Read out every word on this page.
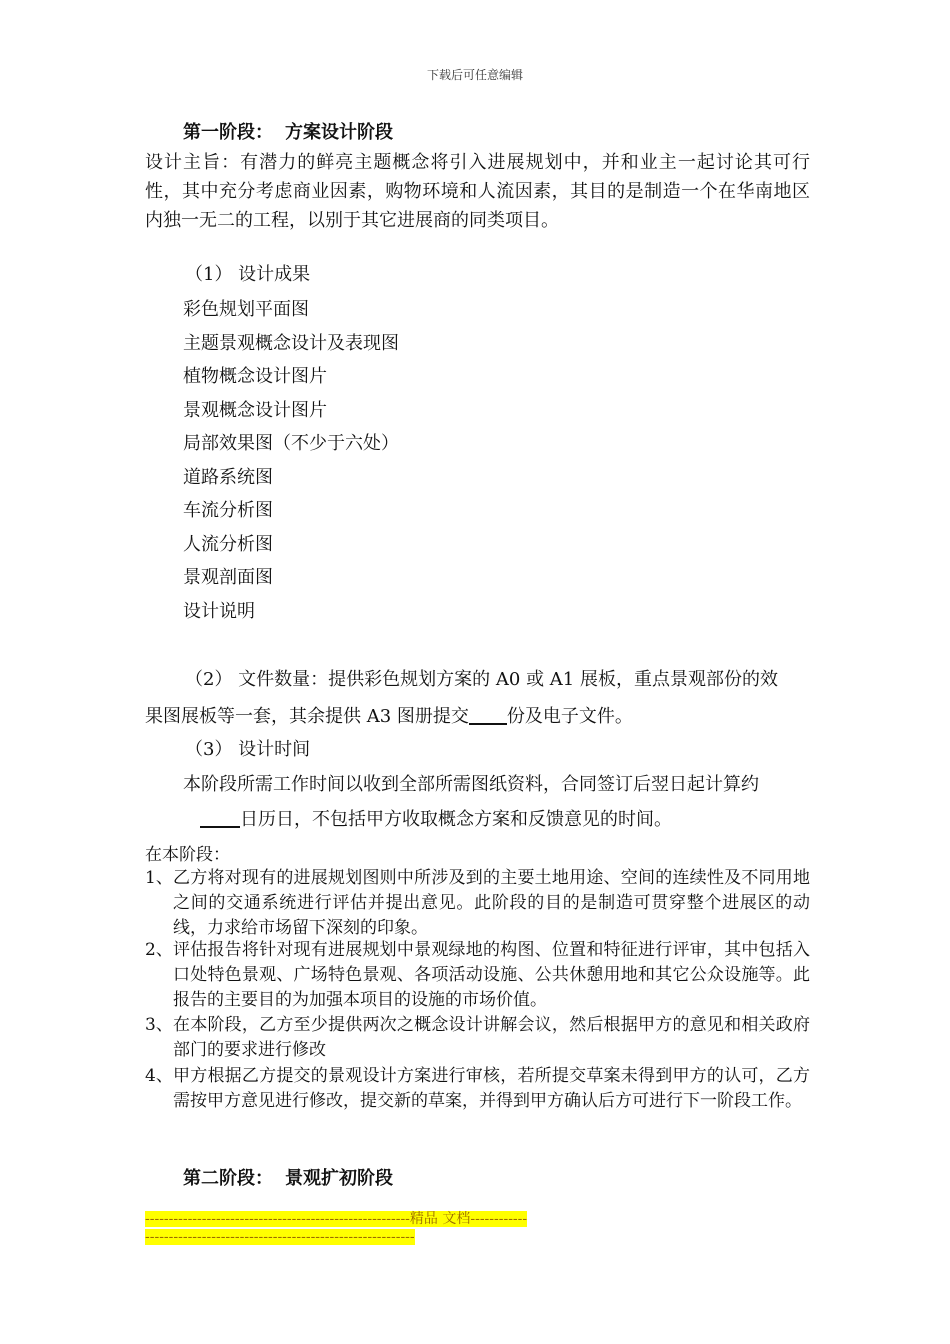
下载后可任意编辑
第一阶段： 方案设计阶段
设计主旨：有潜力的鲜亮主题概念将引入进展规划中，并和业主一起讨论其可行性，其中充分考虑商业因素，购物环境和人流因素，其目的是制造一个在华南地区内独一无二的工程，以别于其它进展商的同类项目。
（1） 设计成果
彩色规划平面图
主题景观概念设计及表现图
植物概念设计图片
景观概念设计图片
局部效果图（不少于六处）
道路系统图
车流分析图
人流分析图
景观剖面图
设计说明
（2） 文件数量：提供彩色规划方案的 A0 或 A1 展板，重点景观部份的效
果图展板等一套，其余提供 A3 图册提交 份及电子文件。
（3） 设计时间
本阶段所需工作时间以收到全部所需图纸资料，合同签订后翌日起计算约
日历日，不包括甲方收取概念方案和反馈意见的时间。
在本阶段：
1、 乙方将对现有的进展规划图则中所涉及到的主要土地用途、空间的连续性及不同用地之间的交通系统进行评估并提出意见。此阶段的目的是制造可贯穿整个进展区的动线，力求给市场留下深刻的印象。
2、 评估报告将针对现有进展规划中景观绿地的构图、位置和特征进行评审，其中包括入口处特色景观、广场特色景观、各项活动设施、公共休憩用地和其它公众设施等。此报告的主要目的为加强本项目的设施的市场价值。
3、 在本阶段，乙方至少提供两次之概念设计讲解会议，然后根据甲方的意见和相关政府部门的要求进行修改
4、 甲方根据乙方提交的景观设计方案进行审核，若所提交草案未得到甲方的认可，乙方需按甲方意见进行修改，提交新的草案，并得到甲方确认后方可进行下一阶段工作。
第二阶段： 景观扩初阶段
--------------------------------------------------------精品 文档---------------------------------------------------------------------
